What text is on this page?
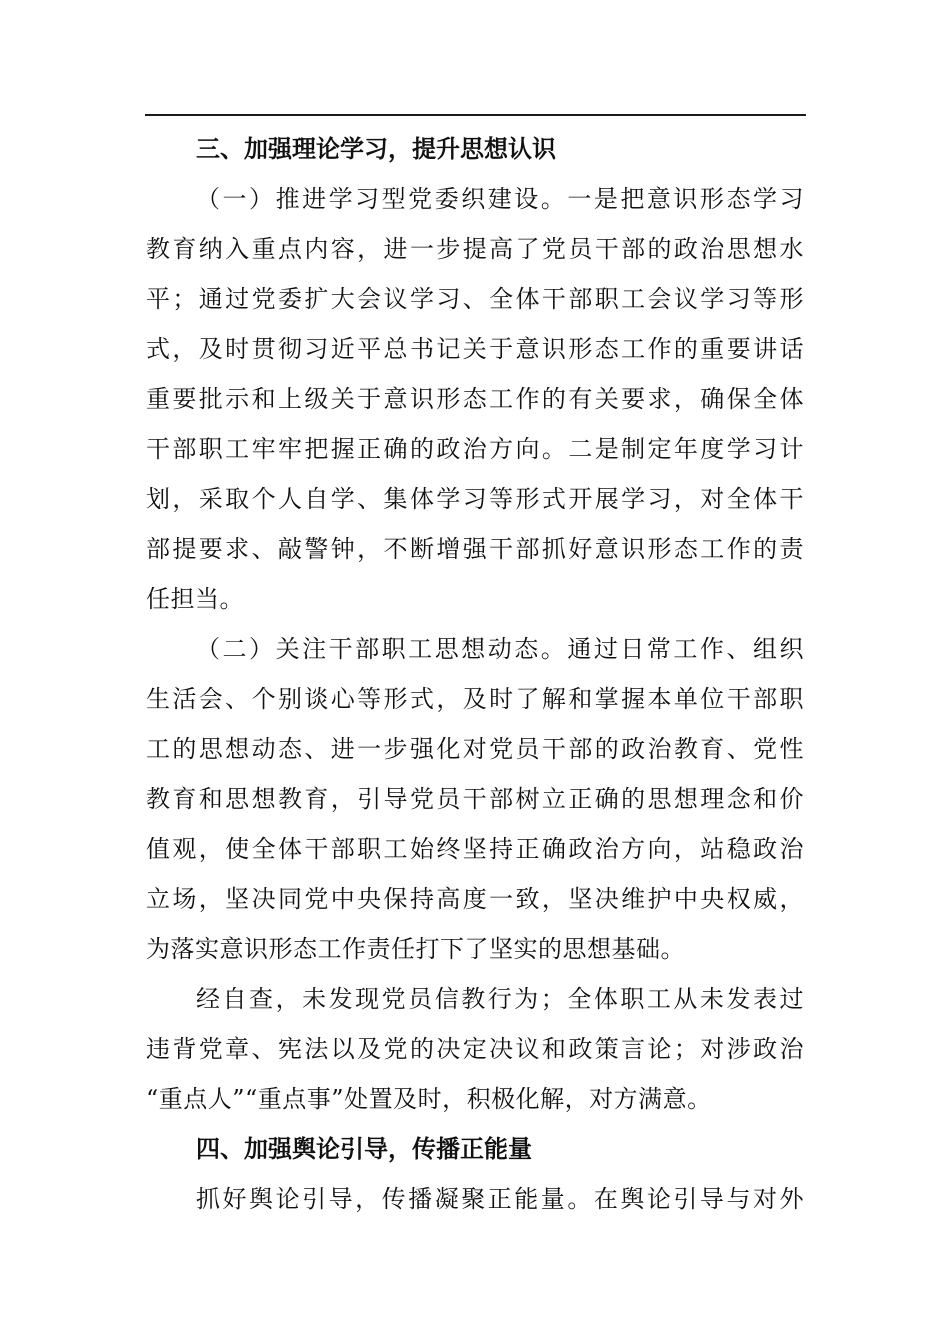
三、加强理论学习，提升思想认识

（一）推进学习型党委织建设。一是把意识形态学习
教育纳入重点内容，进一步提高了党员干部的政治思想水
平；通过党委扩大会议学习、全体干部职工会议学习等形
式，及时贯彻习近平总书记关于意识形态工作的重要讲话
重要批示和上级关于意识形态工作的有关要求，确保全体
干部职工牢牢把握正确的政治方向。二是制定年度学习计
划，采取个人自学、集体学习等形式开展学习，对全体干
部提要求、敲警钟，不断增强干部抓好意识形态工作的责
任担当。

（二）关注干部职工思想动态。通过日常工作、组织
生活会、个别谈心等形式，及时了解和掌握本单位干部职
工的思想动态、进一步强化对党员干部的政治教育、党性
教育和思想教育，引导党员干部树立正确的思想理念和价
值观，使全体干部职工始终坚持正确政治方向，站稳政治
立场，坚决同党中央保持高度一致，坚决维护中央权威，
为落实意识形态工作责任打下了坚实的思想基础。

经自查，未发现党员信教行为；全体职工从未发表过
违背党章、宪法以及党的决定决议和政策言论；对涉政治
“重点人”“重点事”处置及时，积极化解，对方满意。

四、加强舆论引导，传播正能量

抓好舆论引导，传播凝聚正能量。在舆论引导与对外
